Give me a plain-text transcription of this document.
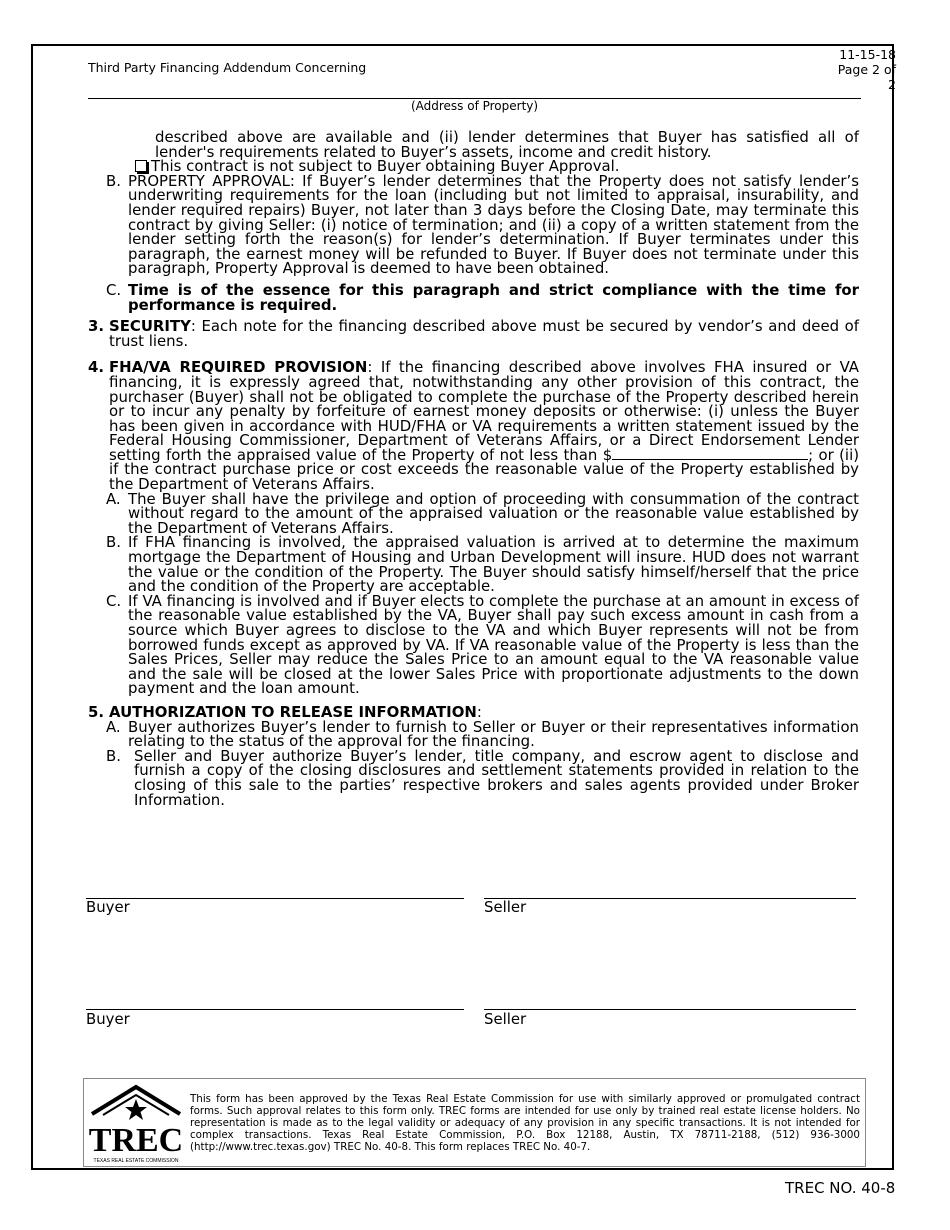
Third Party Financing Addendum Concerning
11-15-18
Page 2 of 2
(Address of Property)

described above are available and (ii) lender determines that Buyer has satisfied all of lender's requirements related to Buyer’s assets, income and credit history.

This contract is not subject to Buyer obtaining Buyer Approval.

B. PROPERTY APPROVAL: If Buyer’s lender determines that the Property does not satisfy lender’s underwriting requirements for the loan (including but not limited to appraisal, insurability, and lender required repairs) Buyer, not later than 3 days before the Closing Date, may terminate this contract by giving Seller: (i) notice of termination; and (ii) a copy of a written statement from the lender setting forth the reason(s) for lender’s determination. If Buyer terminates under this paragraph, the earnest money will be refunded to Buyer. If Buyer does not terminate under this paragraph, Property Approval is deemed to have been obtained.

C. Time is of the essence for this paragraph and strict compliance with the time for performance is required.

3. SECURITY: Each note for the financing described above must be secured by vendor’s and deed of trust liens.

4. FHA/VA REQUIRED PROVISION: If the financing described above involves FHA insured or VA financing, it is expressly agreed that, notwithstanding any other provision of this contract, the purchaser (Buyer) shall not be obligated to complete the purchase of the Property described herein or to incur any penalty by forfeiture of earnest money deposits or otherwise: (i) unless the Buyer has been given in accordance with HUD/FHA or VA requirements a written statement issued by the Federal Housing Commissioner, Department of Veterans Affairs, or a Direct Endorsement Lender setting forth the appraised value of the Property of not less than $	; or (ii) if the contract purchase price or cost exceeds the reasonable value of the Property established by the Department of Veterans Affairs.

A. The Buyer shall have the privilege and option of proceeding with consummation of the contract without regard to the amount of the appraised valuation or the reasonable value established by the Department of Veterans Affairs.

B. If FHA financing is involved, the appraised valuation is arrived at to determine the maximum mortgage the Department of Housing and Urban Development will insure. HUD does not warrant the value or the condition of the Property. The Buyer should satisfy himself/herself that the price and the condition of the Property are acceptable.

C. If VA financing is involved and if Buyer elects to complete the purchase at an amount in excess of the reasonable value established by the VA, Buyer shall pay such excess amount in cash from a source which Buyer agrees to disclose to the VA and which Buyer represents will not be from borrowed funds except as approved by VA. If VA reasonable value of the Property is less than the Sales Prices, Seller may reduce the Sales Price to an amount equal to the VA reasonable value and the sale will be closed at the lower Sales Price with proportionate adjustments to the down payment and the loan amount.

5. AUTHORIZATION TO RELEASE INFORMATION:

A. Buyer authorizes Buyer’s lender to furnish to Seller or Buyer or their representatives information relating to the status of the approval for the financing.

B. Seller and Buyer authorize Buyer’s lender, title company, and escrow agent to disclose and furnish a copy of the closing disclosures and settlement statements provided in relation to the closing of this sale to the parties’ respective brokers and sales agents provided under Broker Information.

Buyer	Seller
Buyer	Seller
TREC
TEXAS REAL ESTATE COMMISSION
This form has been approved by the Texas Real Estate Commission for use with similarly approved or promulgated contract forms. Such approval relates to this form only. TREC forms are intended for use only by trained real estate license holders. No representation is made as to the legal validity or adequacy of any provision in any specific transactions. It is not intended for complex transactions. Texas Real Estate Commission, P.O. Box 12188, Austin, TX 78711-2188, (512) 936-3000 (http://www.trec.texas.gov) TREC No. 40-8. This form replaces TREC No. 40-7.
TREC NO. 40-8
